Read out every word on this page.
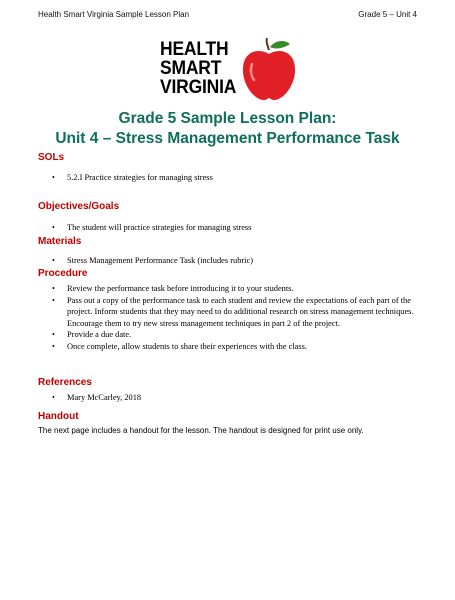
Health Smart Virginia Sample Lesson Plan	Grade 5 – Unit 4
HEALTH
SMART
VIRGINIA
Grade 5 Sample Lesson Plan:
Unit 4 – Stress Management Performance Task
SOLs
• 5.2.I Practice strategies for managing stress
Objectives/Goals
• The student will practice strategies for managing stress
Materials
• Stress Management Performance Task (includes rubric)
Procedure
• Review the performance task before introducing it to your students.
• Pass out a copy of the performance task to each student and review the expectations of each part of the project. Inform students that they may need to do additional research on stress management techniques. Encourage them to try new stress management techniques in part 2 of the project.
• Provide a due date.
• Once complete, allow students to share their experiences with the class.
References
• Mary McCarley, 2018
Handout
The next page includes a handout for the lesson. The handout is designed for print use only.
